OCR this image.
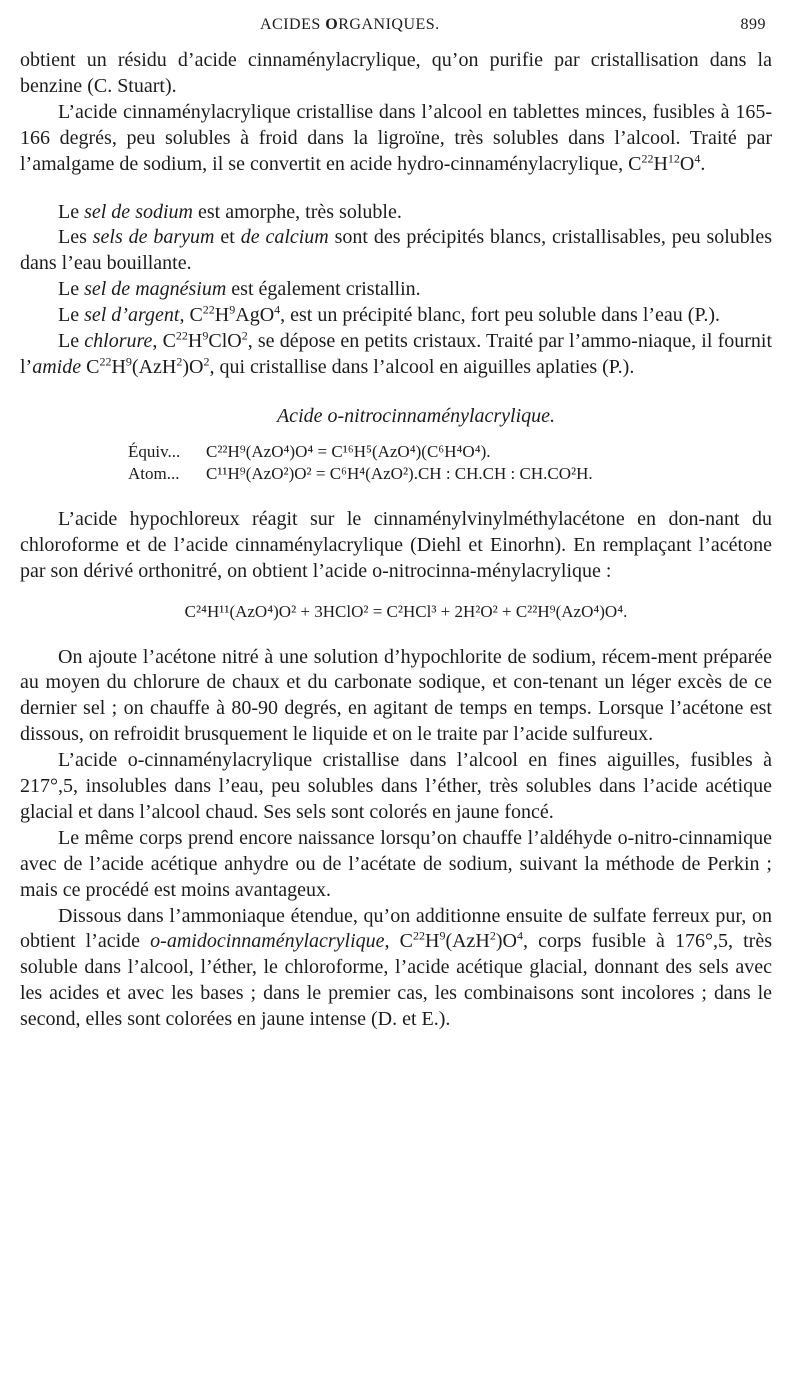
ACIDES ORGANIQUES.	899

obtient un résidu d’acide cinnaménylacrylique, qu’on purifie par cristallisation dans la benzine (C. Stuart).

L’acide cinnaménylacrylique cristallise dans l’alcool en tablettes minces, fusibles à 165-166 degrés, peu solubles à froid dans la ligroïne, très solubles dans l’alcool. Traité par l’amalgame de sodium, il se convertit en acide hydro-cinnaménylacrylique, $C^{22}H^{12}O^4$.

Le sel de sodium est amorphe, très soluble.

Les sels de baryum et de calcium sont des précipités blancs, cristallisables, peu solubles dans l’eau bouillante.

Le sel de magnésium est également cristallin.

Le sel d’argent, $C^{22}H^9AgO^4$, est un précipité blanc, fort peu soluble dans l’eau (P.).

Le chlorure, $C^{22}H^9ClO^2$, se dépose en petits cristaux. Traité par l’ammo-niaque, il fournit l’amide $C^{22}H^9(AzH^2)O^2$, qui cristallise dans l’alcool en aiguilles aplaties (P.).

Acide o-nitrocinnaménylacrylique.

Équiv... C²²H⁹(AzO⁴)O⁴ = C¹⁶H⁵(AzO⁴)(C⁶H⁴O⁴).
Atom... C¹¹H⁹(AzO²)O² = C⁶H⁴(AzO²).CH : CH.CH : CH.CO²H.

L’acide hypochloreux réagit sur le cinnaménylvinylméthylacétone en don-nant du chloroforme et de l’acide cinnaménylacrylique (Diehl et Einorhn). En remplaçant l’acétone par son dérivé orthonitré, on obtient l’acide o-nitrocinna-ménylacrylique :

C²⁴H¹¹(AzO⁴)O² + 3HClO² = C²HCl³ + 2H²O² + C²²H⁹(AzO⁴)O⁴.

On ajoute l’acétone nitré à une solution d’hypochlorite de sodium, récem-ment préparée au moyen du chlorure de chaux et du carbonate sodique, et con-tenant un léger excès de ce dernier sel ; on chauffe à 80-90 degrés, en agitant de temps en temps. Lorsque l’acétone est dissous, on refroidit brusquement le liquide et on le traite par l’acide sulfureux.

L’acide o-cinnaménylacrylique cristallise dans l’alcool en fines aiguilles, fusibles à 217°,5, insolubles dans l’eau, peu solubles dans l’éther, très solubles dans l’acide acétique glacial et dans l’alcool chaud. Ses sels sont colorés en jaune foncé.

Le même corps prend encore naissance lorsqu’on chauffe l’aldéhyde o-nitro-cinnamique avec de l’acide acétique anhydre ou de l’acétate de sodium, suivant la méthode de Perkin ; mais ce procédé est moins avantageux.

Dissous dans l’ammoniaque étendue, qu’on additionne ensuite de sulfate ferreux pur, on obtient l’acide o-amidocinnaménylacrylique, $C^{22}H^9(AzH^2)O^4$, corps fusible à 176°,5, très soluble dans l’alcool, l’éther, le chloroforme, l’acide acétique glacial, donnant des sels avec les acides et avec les bases ; dans le premier cas, les combinaisons sont incolores ; dans le second, elles sont colorées en jaune intense (D. et E.).
